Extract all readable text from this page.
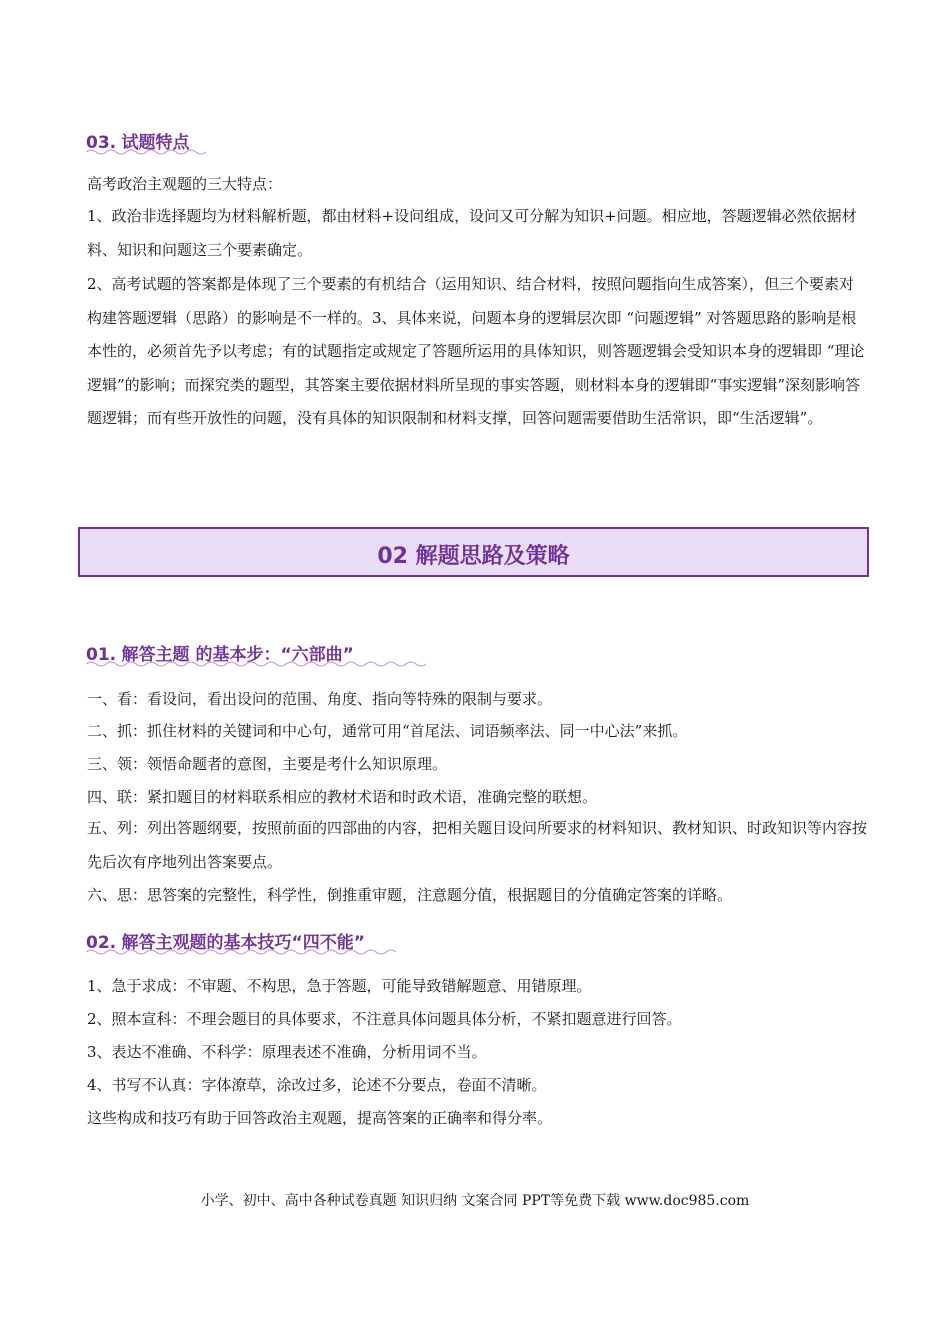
03. 试题特点
高考政治主观题的三大特点：

1、政治非选择题均为材料解析题，都由材料+设问组成，设问又可分解为知识+问题。相应地，答题逻辑必然依据材料、知识和问题这三个要素确定。

2、高考试题的答案都是体现了三个要素的有机结合（运用知识、结合材料，按照问题指向生成答案），但三个要素对构建答题逻辑（思路）的影响是不一样的。3、具体来说，问题本身的逻辑层次即 “问题逻辑” 对答题思路的影响是根本性的，必须首先予以考虑；有的试题指定或规定了答题所运用的具体知识，则答题逻辑会受知识本身的逻辑即 “理论逻辑”的影响；而探究类的题型，其答案主要依据材料所呈现的事实答题，则材料本身的逻辑即“事实逻辑”深刻影响答题逻辑；而有些开放性的问题，没有具体的知识限制和材料支撑，回答问题需要借助生活常识，即“生活逻辑”。

02 解题思路及策略
01. 解答主题 的基本步：“六部曲”
一、看：看设问，看出设问的范围、角度、指向等特殊的限制与要求。
二、抓：抓住材料的关键词和中心句，通常可用“首尾法、词语频率法、同一中心法”来抓。
三、领：领悟命题者的意图，主要是考什么知识原理。
四、联：紧扣题目的材料联系相应的教材术语和时政术语，准确完整的联想。

五、列：列出答题纲要，按照前面的四部曲的内容，把相关题目设问所要求的材料知识、教材知识、时政知识等内容按先后次有序地列出答案要点。

六、思：思答案的完整性，科学性，倒推重审题，注意题分值，根据题目的分值确定答案的详略。
02. 解答主观题的基本技巧“四不能”
1、急于求成：不审题、不构思，急于答题，可能导致错解题意、用错原理。
2、照本宣科：不理会题目的具体要求，不注意具体问题具体分析，不紧扣题意进行回答。
3、表达不准确、不科学：原理表述不准确，分析用词不当。
4、书写不认真：字体潦草，涂改过多，论述不分要点，卷面不清晰。
这些构成和技巧有助于回答政治主观题，提高答案的正确率和得分率。
小学、初中、高中各种试卷真题 知识归纳 文案合同 PPT等免费下载 www.doc985.com
